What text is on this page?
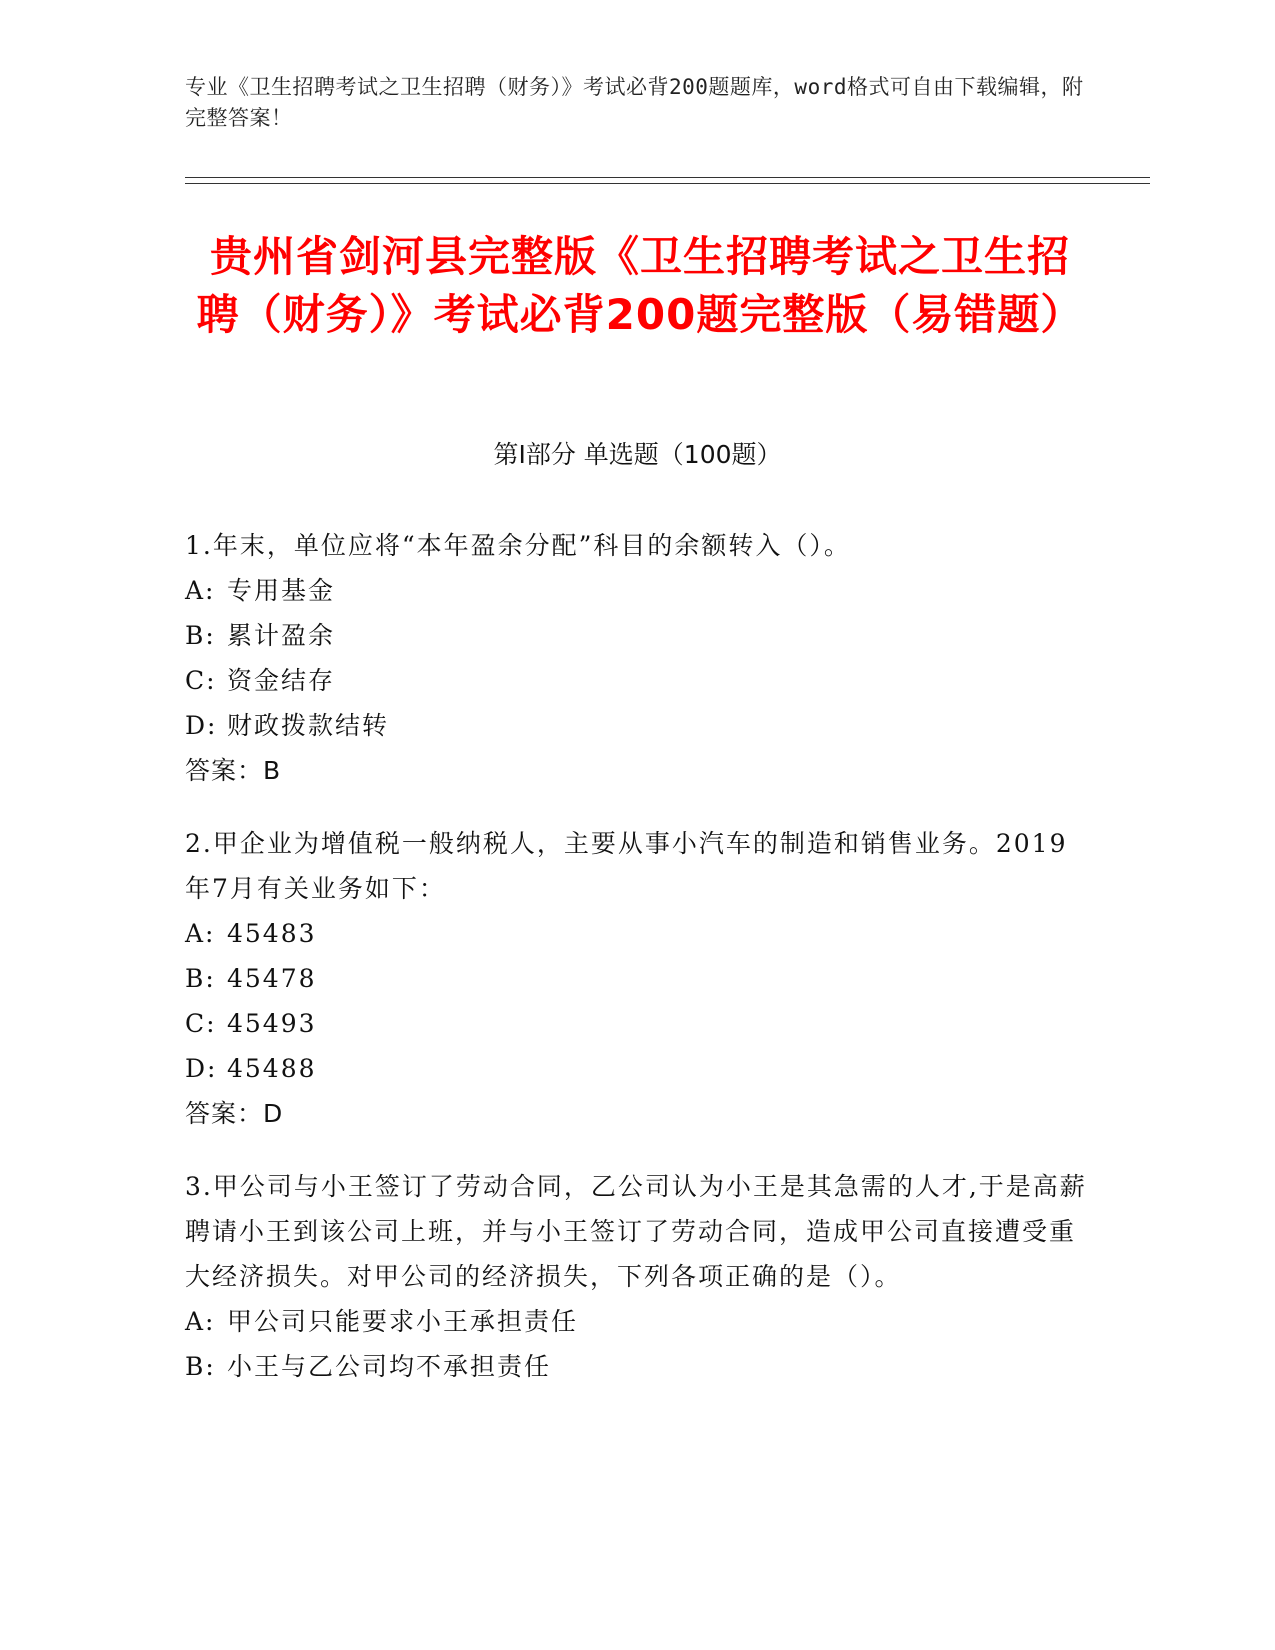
专业《卫生招聘考试之卫生招聘（财务）》考试必背200题题库，word格式可自由下载编辑，附完整答案！
贵州省剑河县完整版《卫生招聘考试之卫生招聘（财务）》考试必背200题完整版（易错题）
第Ⅰ部分 单选题（100题）
1.年末，单位应将“本年盈余分配”科目的余额转入（）。
A: 专用基金
B: 累计盈余
C: 资金结存
D: 财政拨款结转
答案：B
2.甲企业为增值税一般纳税人，主要从事小汽车的制造和销售业务。2019年7月有关业务如下：
A: 45483
B: 45478
C: 45493
D: 45488
答案：D
3.甲公司与小王签订了劳动合同，乙公司认为小王是其急需的人才,于是高薪聘请小王到该公司上班，并与小王签订了劳动合同，造成甲公司直接遭受重大经济损失。对甲公司的经济损失，下列各项正确的是（）。
A: 甲公司只能要求小王承担责任
B: 小王与乙公司均不承担责任
